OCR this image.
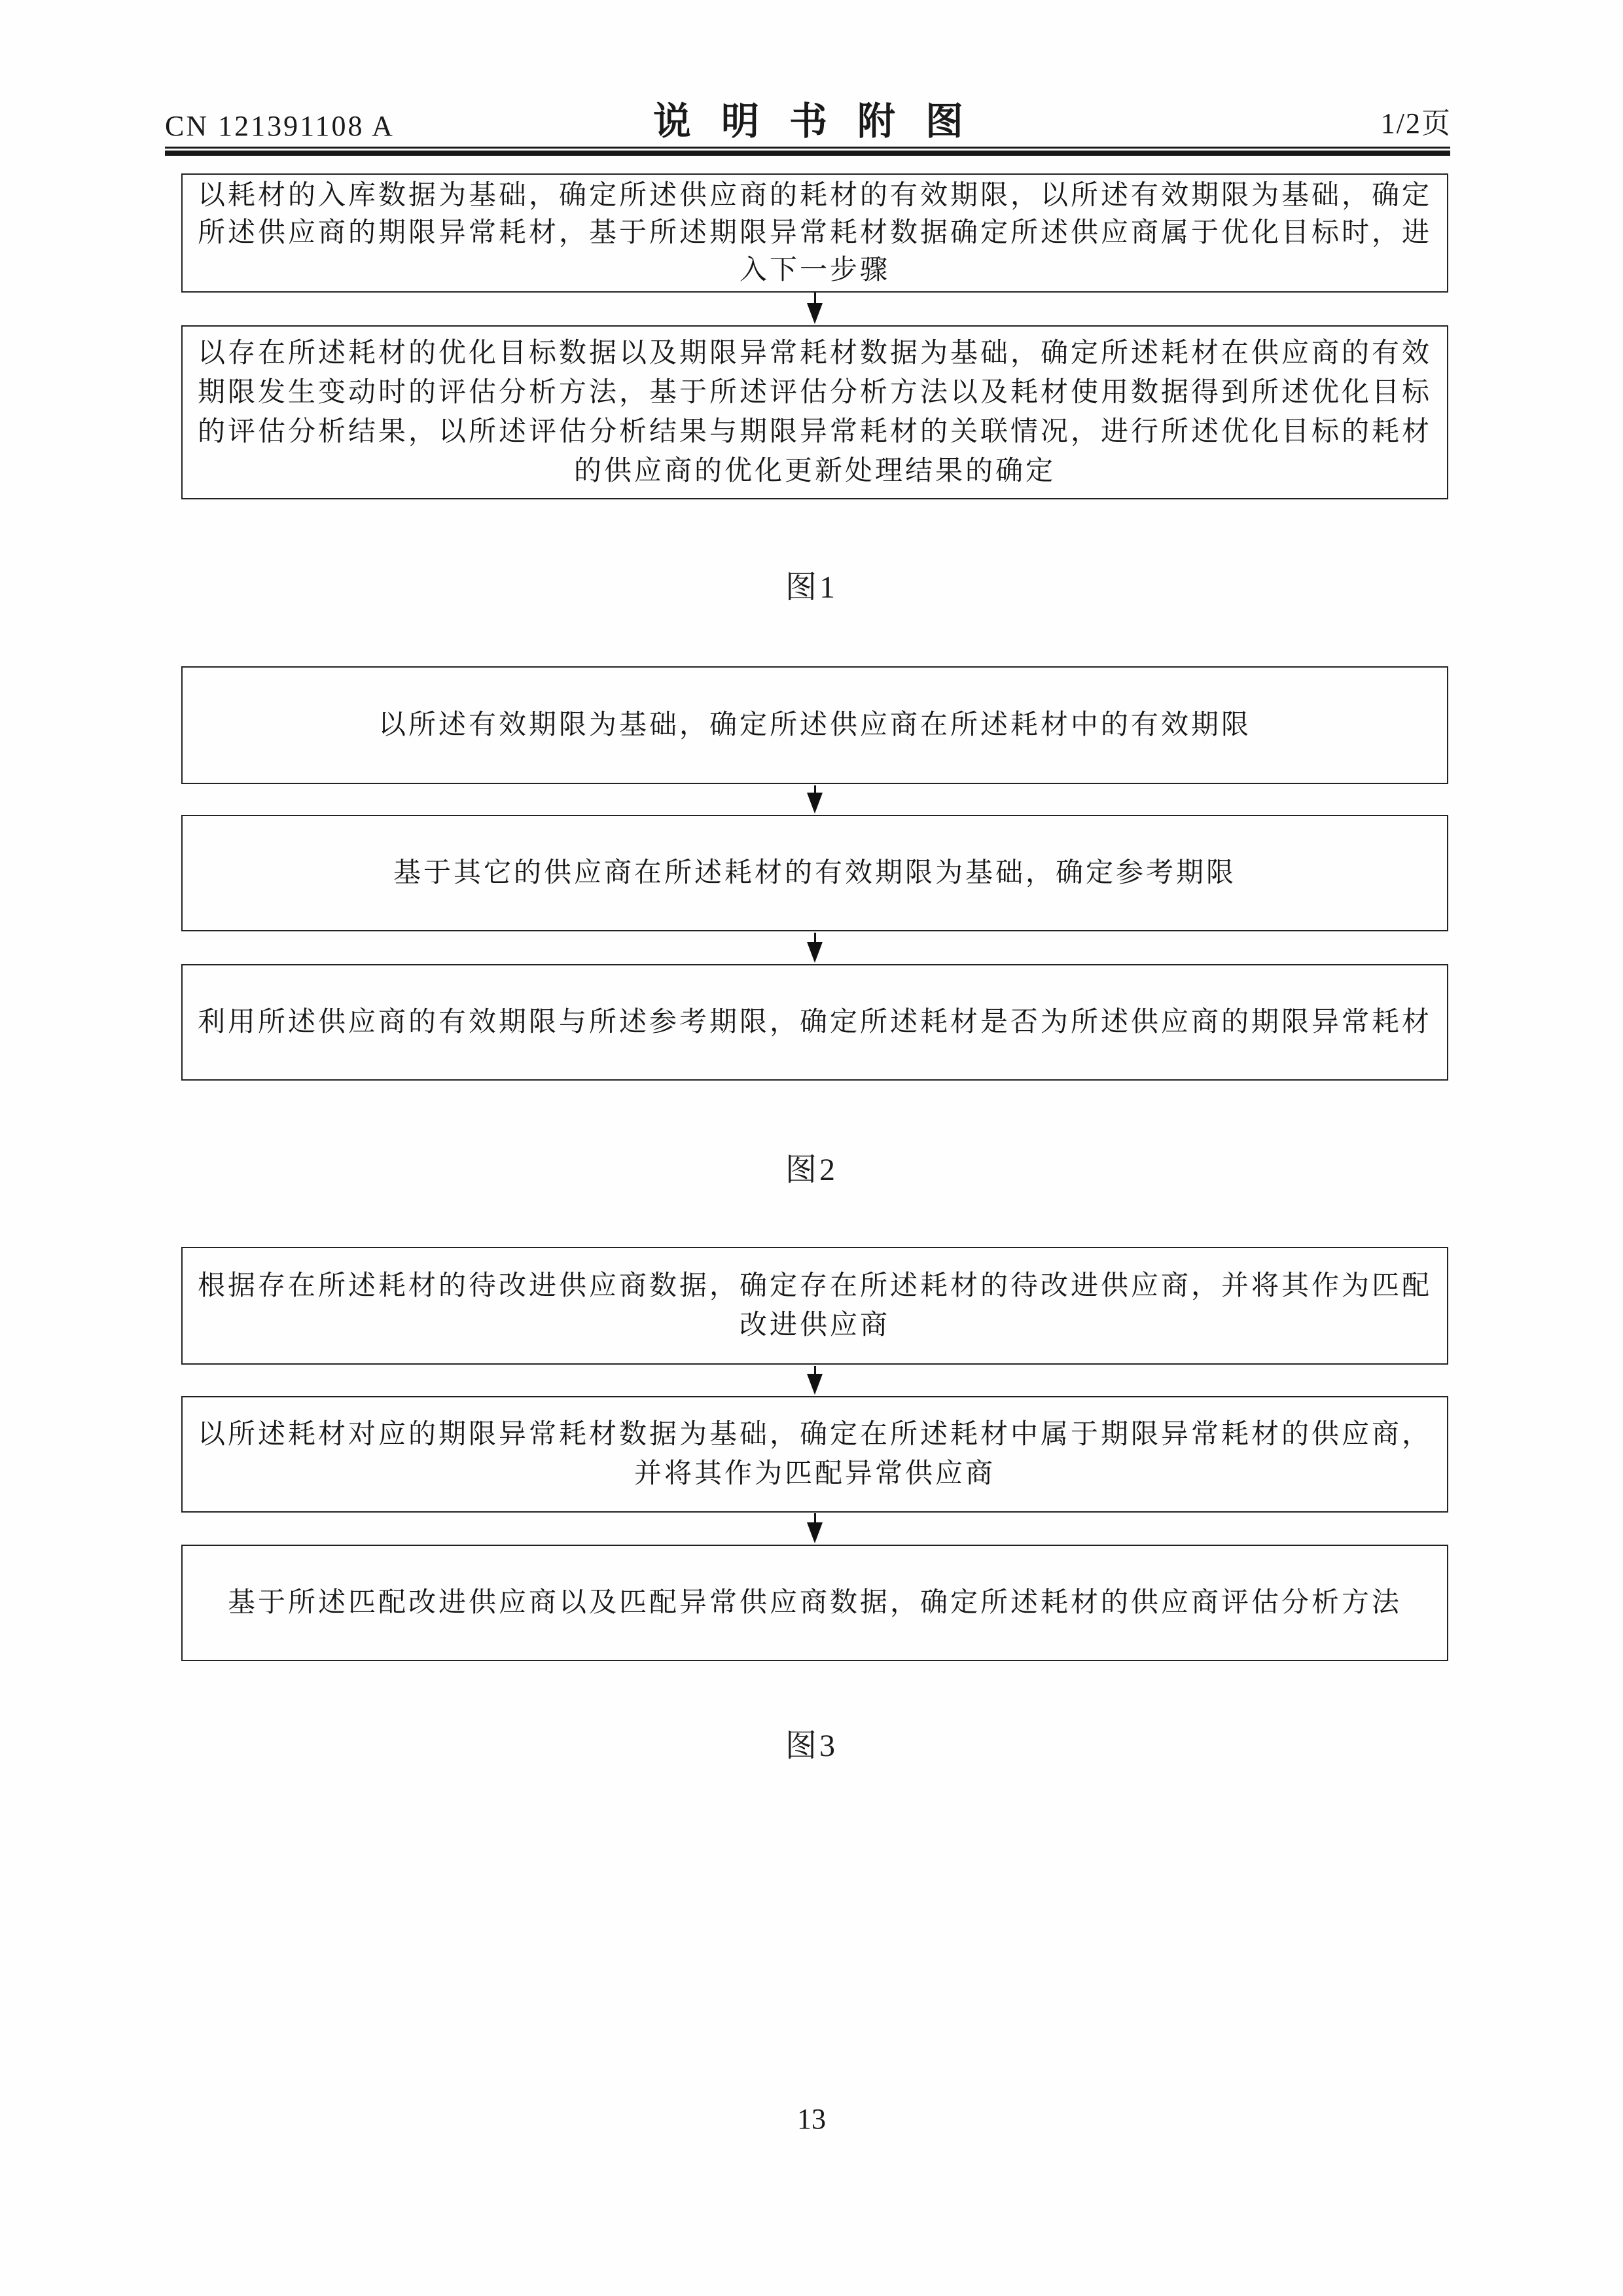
CN 121391108 A	说明书附图	1/2页
以耗材的入库数据为基础，确定所述供应商的耗材的有效期限，以所述有效期限为基础，确定所述供应商的期限异常耗材，基于所述期限异常耗材数据确定所述供应商属于优化目标时，进入下一步骤
以存在所述耗材的优化目标数据以及期限异常耗材数据为基础，确定所述耗材在供应商的有效期限发生变动时的评估分析方法，基于所述评估分析方法以及耗材使用数据得到所述优化目标的评估分析结果，以所述评估分析结果与期限异常耗材的关联情况，进行所述优化目标的耗材的供应商的优化更新处理结果的确定
图1
以所述有效期限为基础，确定所述供应商在所述耗材中的有效期限
基于其它的供应商在所述耗材的有效期限为基础，确定参考期限
利用所述供应商的有效期限与所述参考期限，确定所述耗材是否为所述供应商的期限异常耗材
图2
根据存在所述耗材的待改进供应商数据，确定存在所述耗材的待改进供应商，并将其作为匹配改进供应商
以所述耗材对应的期限异常耗材数据为基础，确定在所述耗材中属于期限异常耗材的供应商，并将其作为匹配异常供应商
基于所述匹配改进供应商以及匹配异常供应商数据，确定所述耗材的供应商评估分析方法
图3
13
